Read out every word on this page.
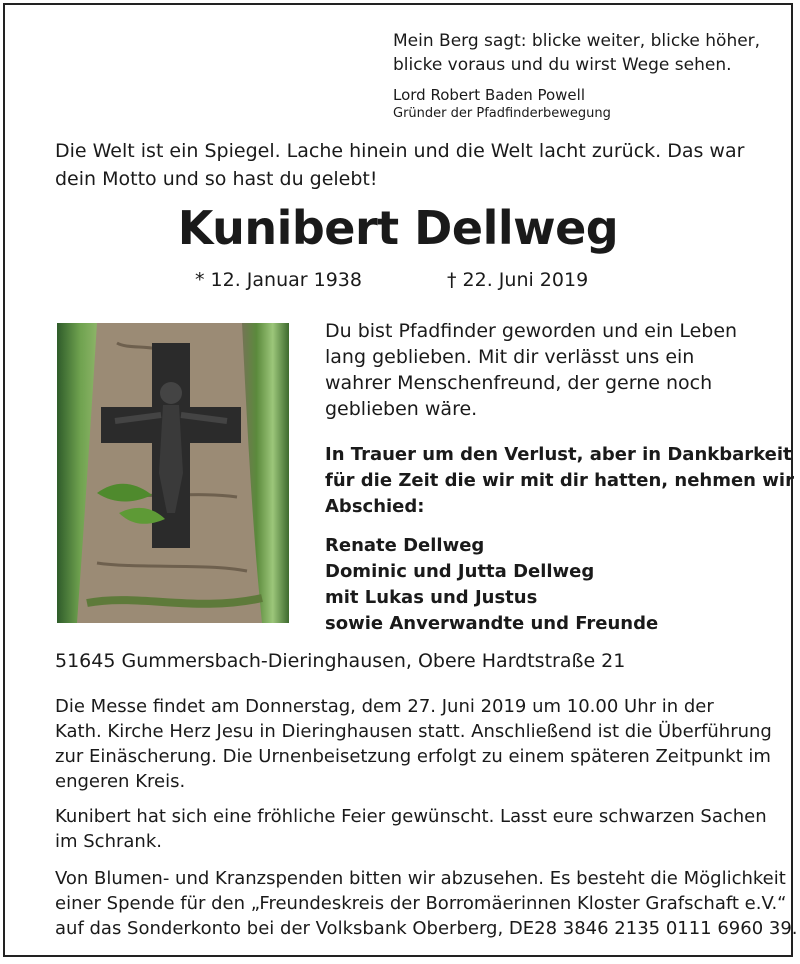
Mein Berg sagt: blicke weiter, blicke höher,
blicke voraus und du wirst Wege sehen.
Lord Robert Baden Powell
Gründer der Pfadfinderbewegung
Die Welt ist ein Spiegel. Lache hinein und die Welt lacht zurück. Das war
dein Motto und so hast du gelebt!
Kunibert Dellweg
* 12. Januar 1938	† 22. Juni 2019
Du bist Pfadfinder geworden und ein Leben
lang geblieben. Mit dir verlässt uns ein
wahrer Menschenfreund, der gerne noch
geblieben wäre.
In Trauer um den Verlust, aber in Dankbarkeit
für die Zeit die wir mit dir hatten, nehmen wir
Abschied:
Renate Dellweg
Dominic und Jutta Dellweg
mit Lukas und Justus
sowie Anverwandte und Freunde
51645 Gummersbach-Dieringhausen, Obere Hardtstraße 21
Die Messe findet am Donnerstag, dem 27. Juni 2019 um 10.00 Uhr in der
Kath. Kirche Herz Jesu in Dieringhausen statt. Anschließend ist die Überführung
zur Einäscherung. Die Urnenbeisetzung erfolgt zu einem späteren Zeitpunkt im
engeren Kreis.
Kunibert hat sich eine fröhliche Feier gewünscht. Lasst eure schwarzen Sachen
im Schrank.
Von Blumen- und Kranzspenden bitten wir abzusehen. Es besteht die Möglichkeit
einer Spende für den „Freundeskreis der Borromäerinnen Kloster Grafschaft e.V.“
auf das Sonderkonto bei der Volksbank Oberberg, DE28 3846 2135 0111 6960 39.
